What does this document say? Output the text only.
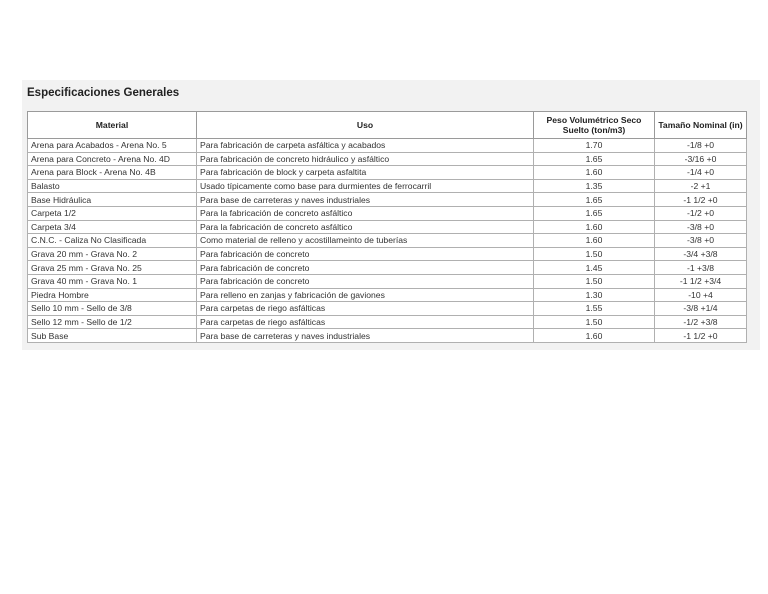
Especificaciones Generales
Material	Uso	Peso Volumétrico Seco Suelto (ton/m3)	Tamaño Nominal (in)
Arena para Acabados - Arena No. 5	Para fabricación de carpeta asfáltica y acabados	1.70	-1/8 +0
Arena para Concreto - Arena No. 4D	Para fabricación de concreto hidráulico y asfáltico	1.65	-3/16 +0
Arena para Block - Arena No. 4B	Para fabricación de block y carpeta asfaltita	1.60	-1/4 +0
Balasto	Usado típicamente como base para durmientes de ferrocarril	1.35	-2 +1
Base Hidráulica	Para base de carreteras y naves industriales	1.65	-1 1/2 +0
Carpeta 1/2	Para la fabricación de concreto asfáltico	1.65	-1/2 +0
Carpeta 3/4	Para la fabricación de concreto asfáltico	1.60	-3/8 +0
C.N.C. - Caliza No Clasificada	Como material de relleno y acostillameinto de tuberías	1.60	-3/8 +0
Grava 20 mm - Grava No. 2	Para fabricación de concreto	1.50	-3/4 +3/8
Grava 25 mm - Grava No. 25	Para fabricación de concreto	1.45	-1 +3/8
Grava 40 mm - Grava No. 1	Para fabricación de concreto	1.50	-1 1/2 +3/4
Piedra Hombre	Para relleno en zanjas y fabricación de gaviones	1.30	-10 +4
Sello 10 mm - Sello de 3/8	Para carpetas de riego asfálticas	1.55	-3/8 +1/4
Sello 12 mm - Sello de 1/2	Para carpetas de riego asfálticas	1.50	-1/2 +3/8
Sub Base	Para base de carreteras y naves industriales	1.60	-1 1/2 +0
